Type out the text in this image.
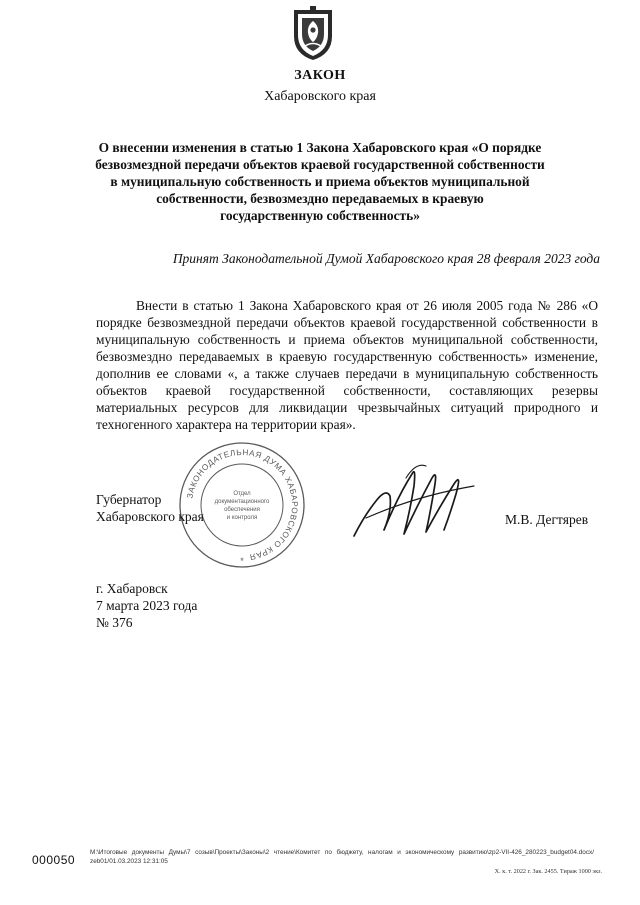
ЗАКОН
Хабаровского края
О внесении изменения в статью 1 Закона Хабаровского края «О порядке
безвозмездной передачи объектов краевой государственной собственности
в муниципальную собственность и приема объектов муниципальной
собственности, безвозмездно передаваемых в краевую
государственную собственность»
Принят Законодательной Думой Хабаровского края 28 февраля 2023 года
Внести в статью 1 Закона Хабаровского края от 26 июля 2005 года № 286 «О порядке безвозмездной передачи объектов краевой государственной собственности в муниципальную собственность и приема объектов муниципальной собственности, безвозмездно передаваемых в краевую государственную собственность» изменение, дополнив ее словами «, а также случаев передачи в муниципальную собственность объектов краевой государственной собственности, составляющих резервы материальных ресурсов для ликвидации чрезвычайных ситуаций природного и техногенного характера на территории края».
ЗАКОНОДАТЕЛЬНАЯ ДУМА ХАБАРОВСКОГО КРАЯ
Отдел
документационного
обеспечения
и контроля
*
Губернатор
Хабаровского края	М.В. Дегтярев
г. Хабаровск
7 марта 2023 года
№ 376
000050
M:\Итоговые документы Думы\7 созыв\Проекты\Законы\2 чтение\Комитет по бюджету, налогам и экономическому развитию\zp2-VII-426_280223_budget04.docx/ zeb01/01.03.2023 12:31:05
Х. к. т. 2022 г. Зак. 2455. Тираж 1000 экз.
